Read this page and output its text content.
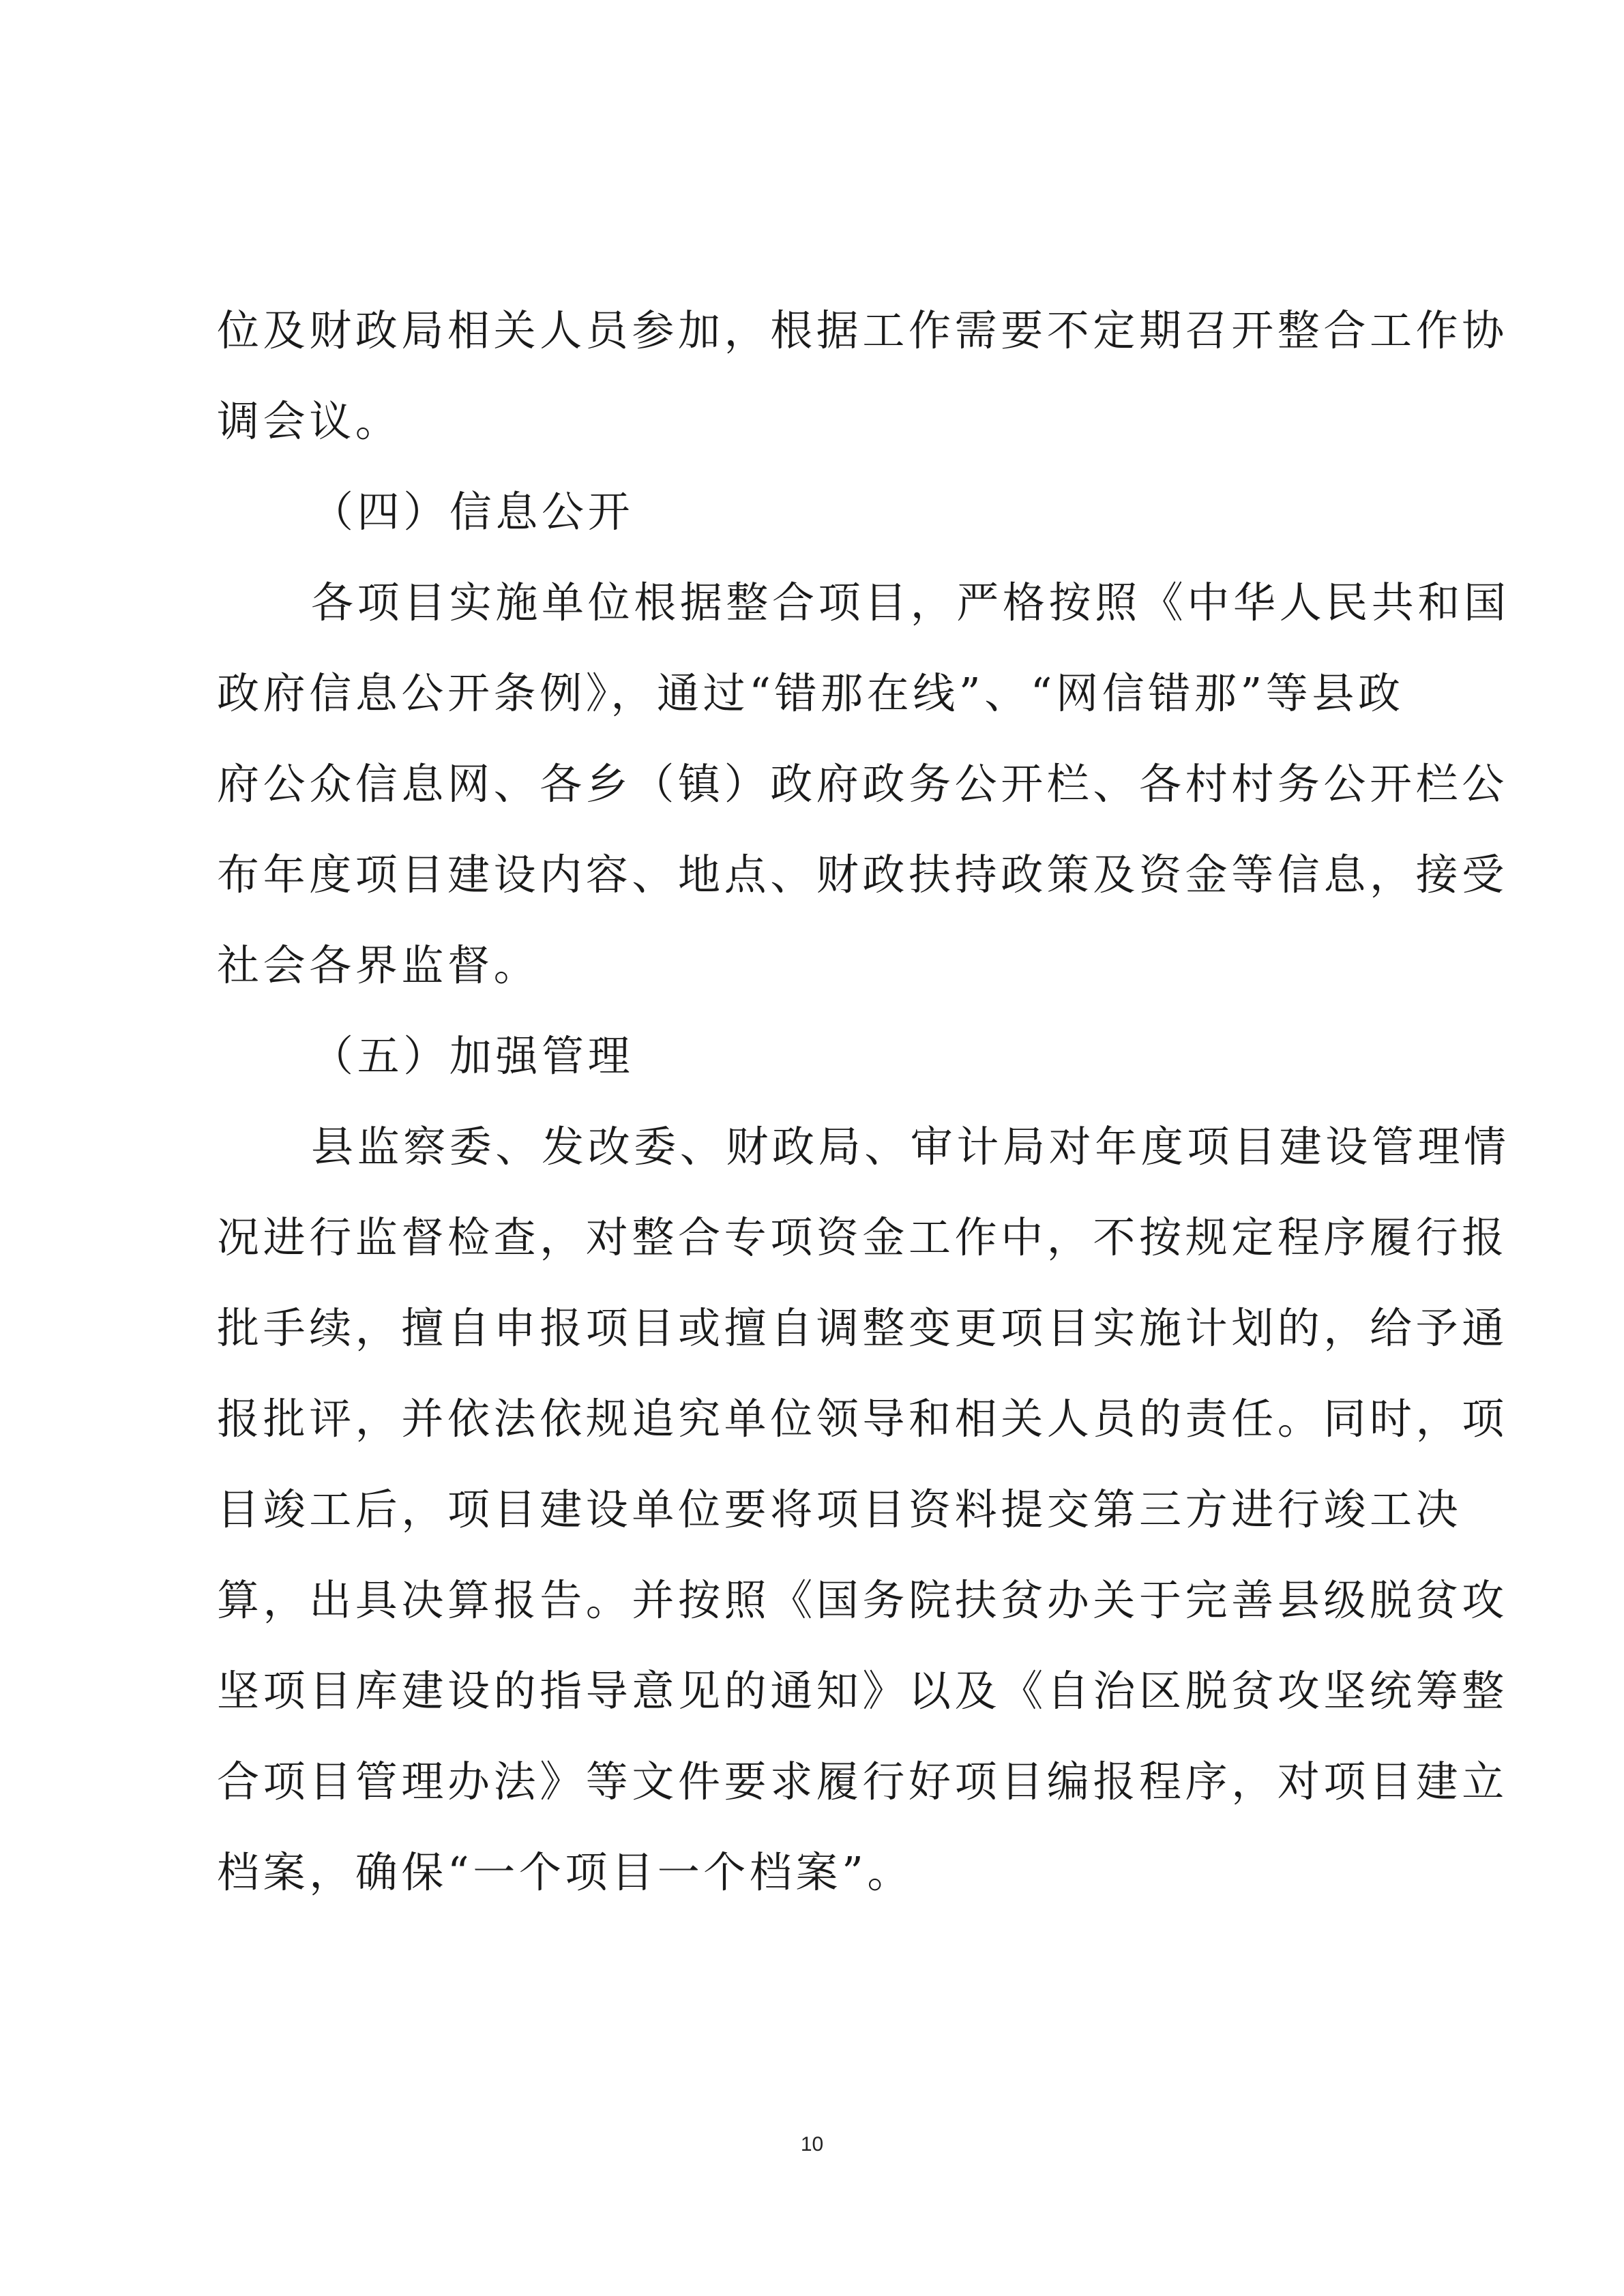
位及财政局相关人员参加，根据工作需要不定期召开整合工作协
调会议。
（四）信息公开
各项目实施单位根据整合项目，严格按照《中华人民共和国
政府信息公开条例》，通过“错那在线”、“网信错那”等县政
府公众信息网、各乡（镇）政府政务公开栏、各村村务公开栏公
布年度项目建设内容、地点、财政扶持政策及资金等信息，接受
社会各界监督。
（五）加强管理
县监察委、发改委、财政局、审计局对年度项目建设管理情
况进行监督检查，对整合专项资金工作中，不按规定程序履行报
批手续，擅自申报项目或擅自调整变更项目实施计划的，给予通
报批评，并依法依规追究单位领导和相关人员的责任。同时，项
目竣工后，项目建设单位要将项目资料提交第三方进行竣工决
算，出具决算报告。并按照《国务院扶贫办关于完善县级脱贫攻
坚项目库建设的指导意见的通知》以及《自治区脱贫攻坚统筹整
合项目管理办法》等文件要求履行好项目编报程序，对项目建立
档案，确保“一个项目一个档案”。
10
